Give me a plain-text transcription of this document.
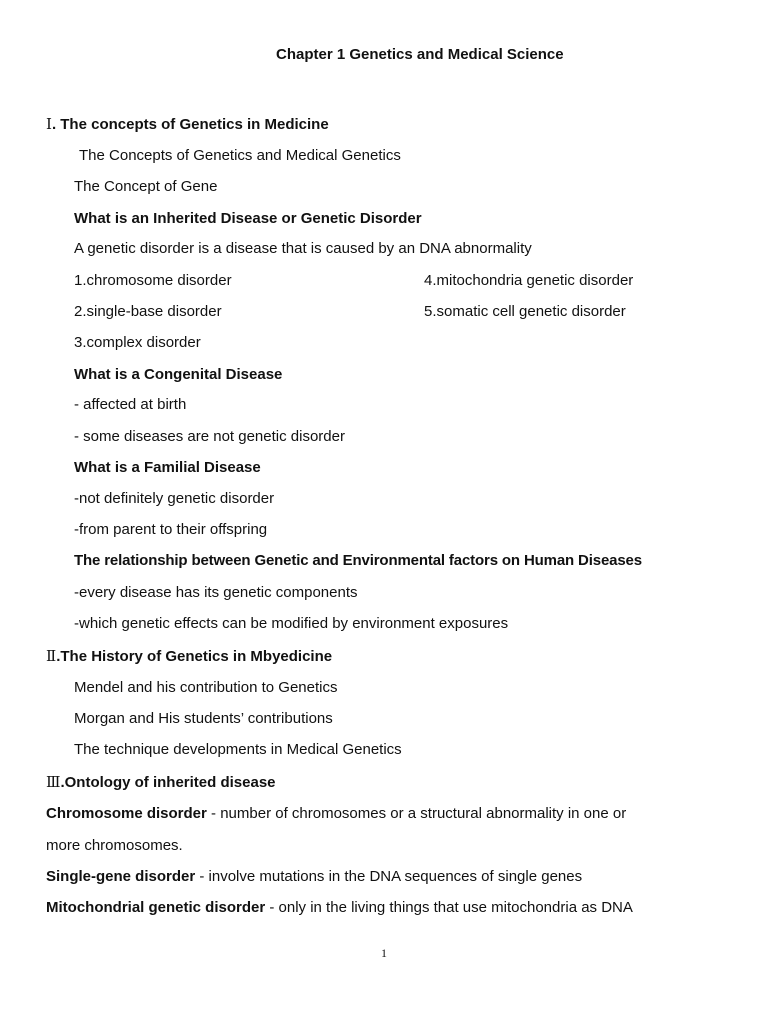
Chapter 1 Genetics and Medical Science
Ⅰ. The concepts of Genetics in Medicine
The Concepts of Genetics and Medical Genetics
The Concept of Gene
What is an Inherited Disease or Genetic Disorder
A genetic disorder is a disease that is caused by an DNA abnormality
1.chromosome disorder	4.mitochondria genetic disorder
2.single-base disorder	5.somatic cell genetic disorder
3.complex disorder
What is a Congenital Disease
- affected at birth
- some diseases are not genetic disorder
What is a Familial Disease
-not definitely genetic disorder
-from parent to their offspring
The relationship between Genetic and Environmental factors on Human Diseases
-every disease has its genetic components
-which genetic effects can be modified by environment exposures
Ⅱ.The History of Genetics in Mbyedicine
Mendel and his contribution to Genetics
Morgan and His students’ contributions
The technique developments in Medical Genetics
Ⅲ.Ontology of inherited disease
Chromosome disorder - number of chromosomes or a structural abnormality in one or
more chromosomes.
Single-gene disorder - involve mutations in the DNA sequences of single genes
Mitochondrial genetic disorder - only in the living things that use mitochondria as DNA
1
